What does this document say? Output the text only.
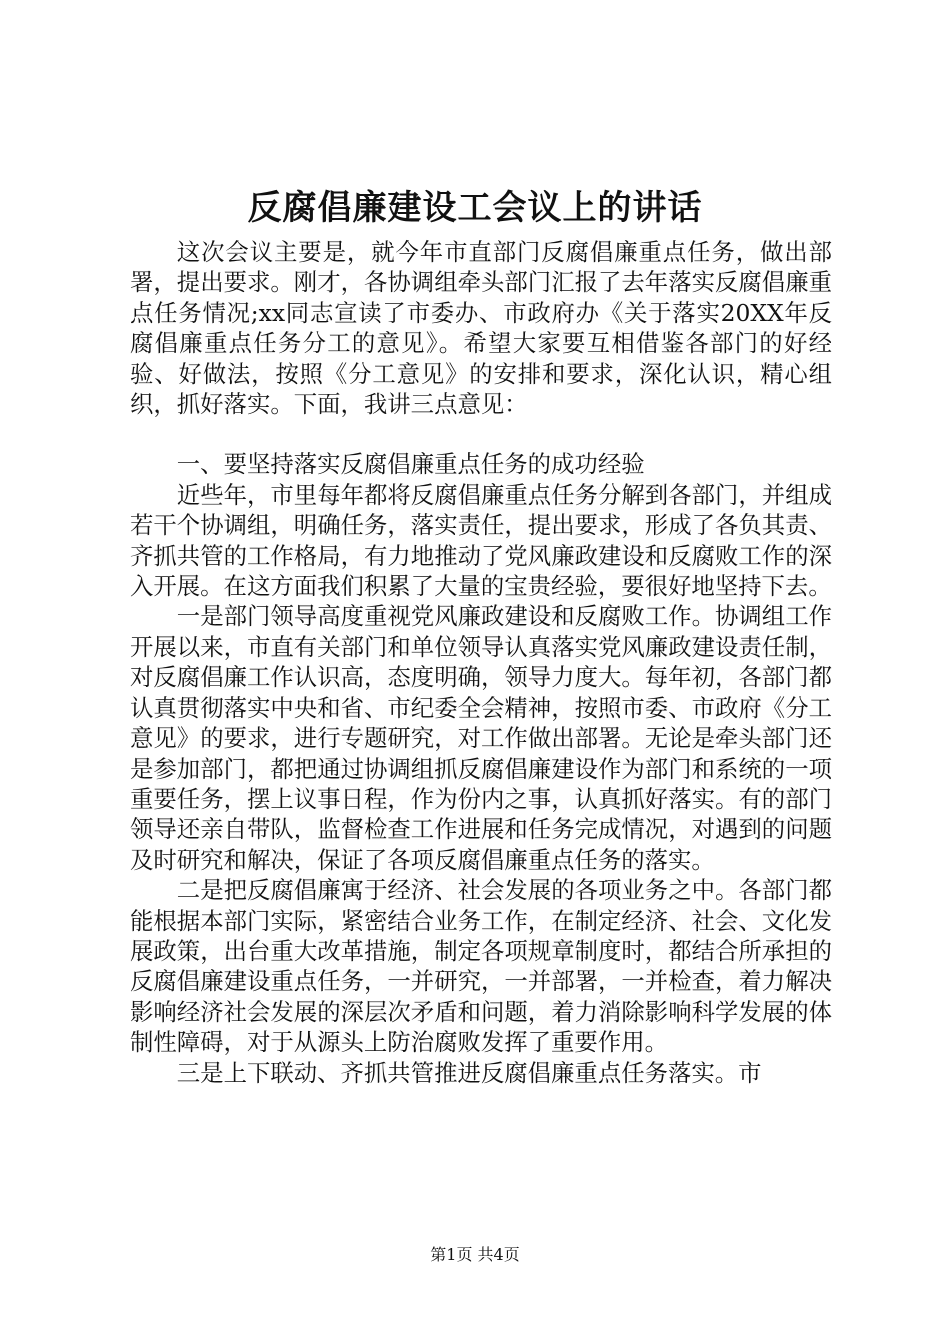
反腐倡廉建设工会议上的讲话

这次会议主要是，就今年市直部门反腐倡廉重点任务，做出部署，提出要求。刚才，各协调组牵头部门汇报了去年落实反腐倡廉重点任务情况;xx同志宣读了市委办、市政府办《关于落实20XX年反腐倡廉重点任务分工的意见》。希望大家要互相借鉴各部门的好经验、好做法，按照《分工意见》的安排和要求，深化认识，精心组织，抓好落实。下面，我讲三点意见：

一、要坚持落实反腐倡廉重点任务的成功经验

近些年，市里每年都将反腐倡廉重点任务分解到各部门，并组成若干个协调组，明确任务，落实责任，提出要求，形成了各负其责、齐抓共管的工作格局，有力地推动了党风廉政建设和反腐败工作的深入开展。在这方面我们积累了大量的宝贵经验，要很好地坚持下去。

一是部门领导高度重视党风廉政建设和反腐败工作。协调组工作开展以来，市直有关部门和单位领导认真落实党风廉政建设责任制，对反腐倡廉工作认识高，态度明确，领导力度大。每年初，各部门都认真贯彻落实中央和省、市纪委全会精神，按照市委、市政府《分工意见》的要求，进行专题研究，对工作做出部署。无论是牵头部门还是参加部门，都把通过协调组抓反腐倡廉建设作为部门和系统的一项重要任务，摆上议事日程，作为份内之事，认真抓好落实。有的部门领导还亲自带队，监督检查工作进展和任务完成情况，对遇到的问题及时研究和解决，保证了各项反腐倡廉重点任务的落实。

二是把反腐倡廉寓于经济、社会发展的各项业务之中。各部门都能根据本部门实际，紧密结合业务工作，在制定经济、社会、文化发展政策，出台重大改革措施，制定各项规章制度时，都结合所承担的反腐倡廉建设重点任务，一并研究，一并部署，一并检查，着力解决影响经济社会发展的深层次矛盾和问题，着力消除影响科学发展的体制性障碍，对于从源头上防治腐败发挥了重要作用。

三是上下联动、齐抓共管推进反腐倡廉重点任务落实。市

第1页 共4页
